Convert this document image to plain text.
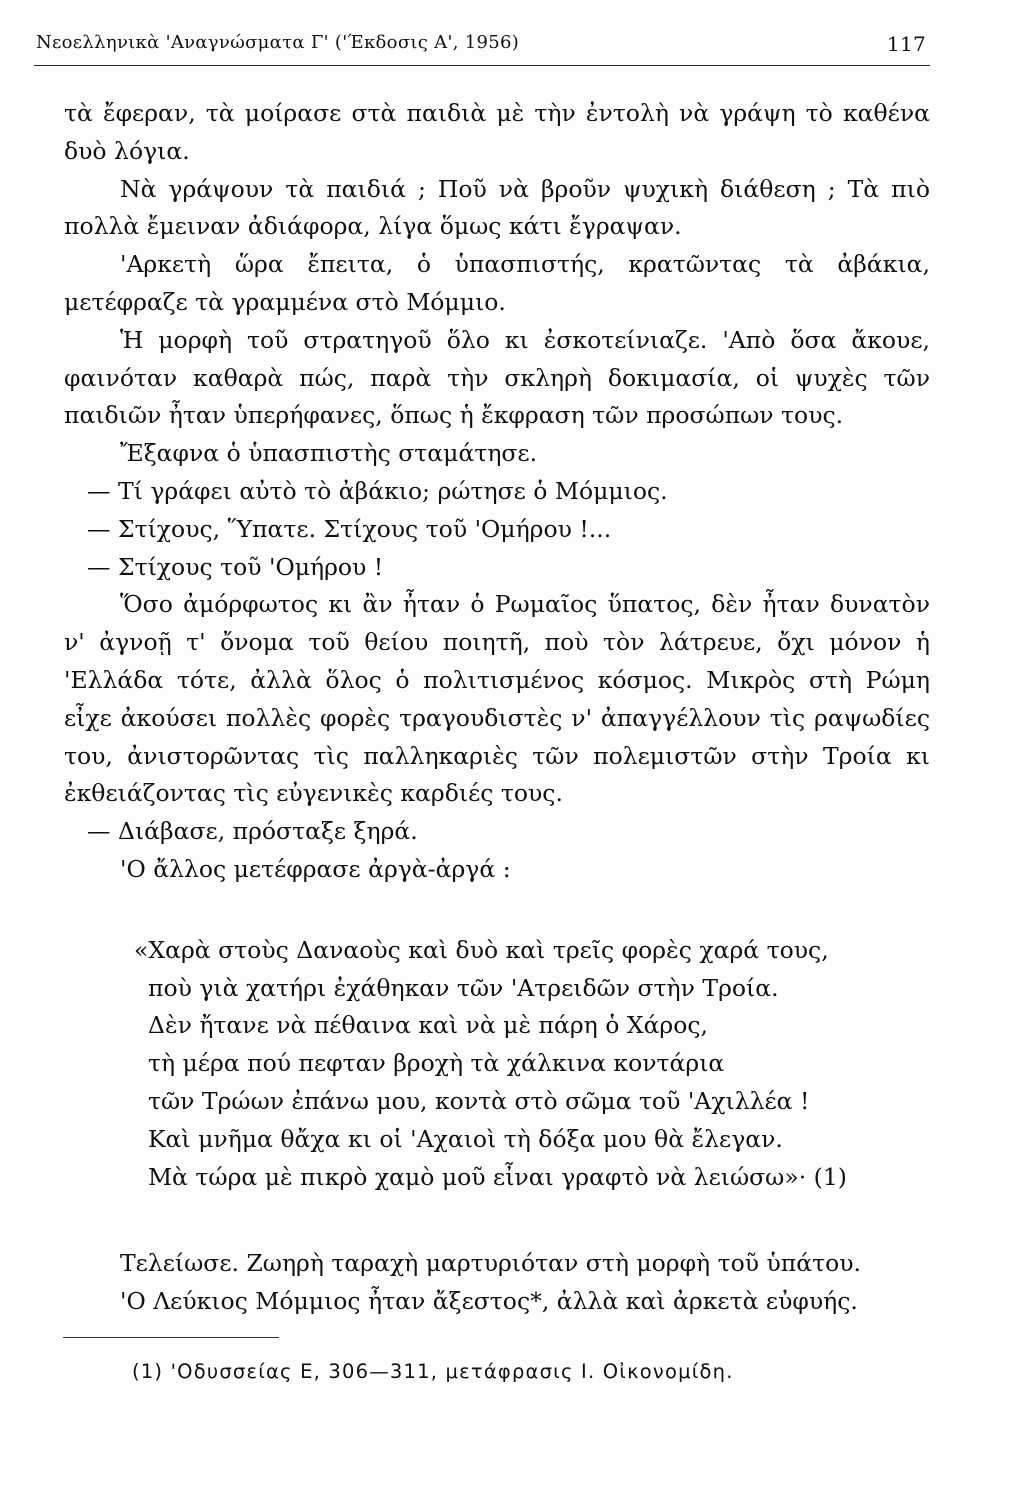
Νεοελληνικὰ 'Αναγνώσματα Γ' ('Έκδοσις Α', 1956)	117

τὰ ἔφεραν, τὰ μοίρασε στὰ παιδιὰ μὲ τὴν ἐντολὴ νὰ γράψη τὸ καθένα δυὸ λόγια.

Νὰ γράψουν τὰ παιδιά ; Ποῦ νὰ βροῦν ψυχικὴ διάθεση ; Τὰ πιὸ πολλὰ ἔμειναν ἀδιάφορα, λίγα ὅμως κάτι ἔγραψαν.

'Αρκετὴ ὥρα ἔπειτα, ὁ ὑπασπιστής, κρατῶντας τὰ ἀβάκια, μετέφραζε τὰ γραμμένα στὸ Μόμμιο.

Ἡ μορφὴ τοῦ στρατηγοῦ ὅλο κι ἐσκοτείνιαζε. 'Απὸ ὅσα ἄκουε, φαινόταν καθαρὰ πώς, παρὰ τὴν σκληρὴ δοκιμασία, οἱ ψυχὲς τῶν παιδιῶν ἦταν ὑπερήφανες, ὅπως ἡ ἔκφραση τῶν προσώπων τους.

Ἔξαφνα ὁ ὑπασπιστὴς σταμάτησε.

— Τί γράφει αὐτὸ τὸ ἀβάκιο; ρώτησε ὁ Μόμμιος.

— Στίχους, Ὕπατε. Στίχους τοῦ 'Ομήρου !...

— Στίχους τοῦ 'Ομήρου !

Ὅσο ἀμόρφωτος κι ἂν ἦταν ὁ Ρωμαῖος ὕπατος, δὲν ἦταν δυνατὸν ν' ἀγνοῇ τ' ὄνομα τοῦ θείου ποιητῆ, ποὺ τὸν λάτρευε, ὄχι μόνον ἡ 'Ελλάδα τότε, ἀλλὰ ὅλος ὁ πολιτισμένος κόσμος. Μικρὸς στὴ Ρώμη εἶχε ἀκούσει πολλὲς φορὲς τραγουδιστὲς ν' ἀπαγγέλλουν τὶς ραψωδίες του, ἀνιστορῶντας τὶς παλληκαριὲς τῶν πολεμιστῶν στὴν Τροία κι ἐκθειάζοντας τὶς εὐγενικὲς καρδιές τους.

— Διάβασε, πρόσταξε ξηρά.

'Ο ἄλλος μετέφρασε ἀργὰ-ἀργά :

«Χαρὰ στοὺς Δαναοὺς καὶ δυὸ καὶ τρεῖς φορὲς χαρά τους,

ποὺ γιὰ χατήρι ἐχάθηκαν τῶν 'Ατρειδῶν στὴν Τροία.

Δὲν ἤτανε νὰ πέθαινα καὶ νὰ μὲ πάρη ὁ Χάρος,

τὴ μέρα πού πεφταν βροχὴ τὰ χάλκινα κοντάρια

τῶν Τρώων ἐπάνω μου, κοντὰ στὸ σῶμα τοῦ 'Αχιλλέα !

Καὶ μνῆμα θἄχα κι οἱ 'Αχαιοὶ τὴ δόξα μου θὰ ἔλεγαν.

Μὰ τώρα μὲ πικρὸ χαμὸ μοῦ εἶναι γραφτὸ νὰ λειώσω»· (1)

Τελείωσε. Ζωηρὴ ταραχὴ μαρτυριόταν στὴ μορφὴ τοῦ ὑπάτου.

'Ο Λεύκιος Μόμμιος ἦταν ἄξεστος*, ἀλλὰ καὶ ἀρκετὰ εὐφυής.

(1) 'Οδυσσείας Ε, 306—311, μετάφρασις Ι. Οἰκονομίδη.
